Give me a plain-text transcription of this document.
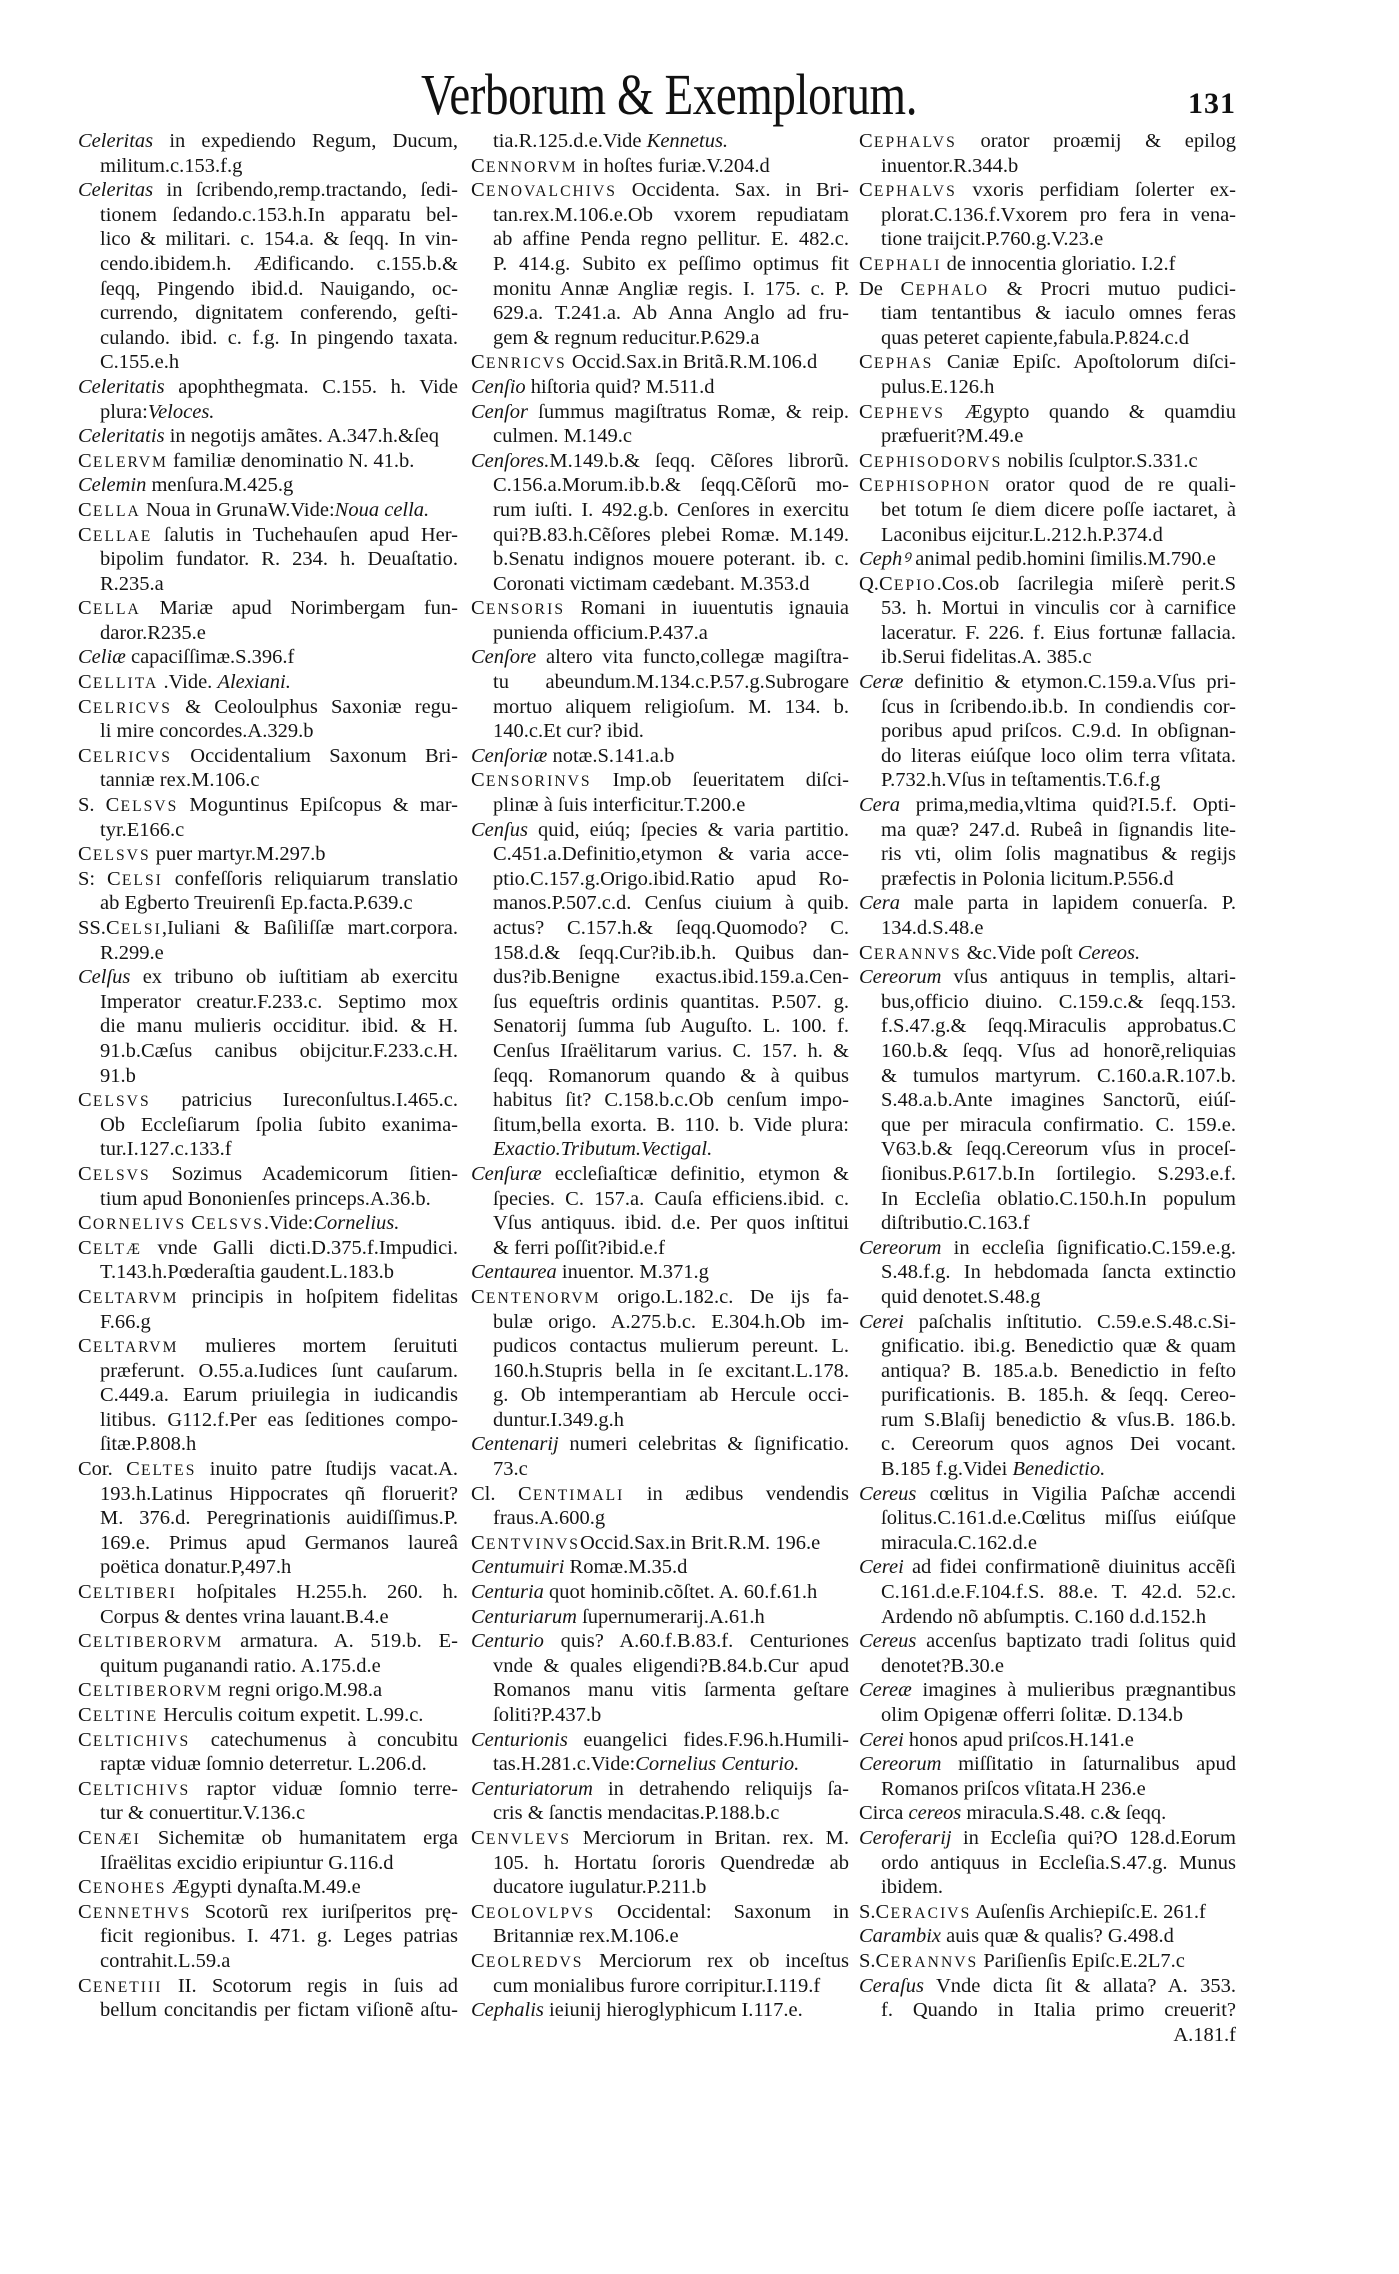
Verborum & Exemplorum.	131
Celeritas in expediendo Regum, Ducum,
militum.c.153.f.g
Celeritas in ſcribendo,remp.tractando, ſedi-
tionem ſedando.c.153.h.In apparatu bel-
lico & militari. c. 154.a. & ſeqq. In vin-
cendo.ibidem.h. Ædificando. c.155.b.&
ſeqq, Pingendo ibid.d. Nauigando, oc-
currendo, dignitatem conferendo, geſti-
culando. ibid. c. f.g. In pingendo taxata.
C.155.e.h
Celeritatis apophthegmata. C.155. h. Vide
plura:Veloces.
Celeritatis in negotijs amãtes. A.347.h.&ſeq
CELERVM familiæ denominatio N. 41.b.
Celemin menſura.M.425.g
CELLA Noua in GrunaW.Vide:Noua cella.
CELLAE ſalutis in Tuchehauſen apud Her-
bipolim fundator. R. 234. h. Deuaſtatio.
R.235.a
CELLA Mariæ apud Norimbergam fun-
daror.R235.e
Celiæ capaciſſimæ.S.396.f
CELLITA .Vide. Alexiani.
CELRICVS & Ceoloulphus Saxoniæ regu-
li mire concordes.A.329.b
CELRICVS Occidentalium Saxonum Bri-
tanniæ rex.M.106.c
S. CELSVS Moguntinus Epiſcopus & mar-
tyr.E166.c
CELSVS puer martyr.M.297.b
S: CELSI confeſſoris reliquiarum translatio
ab Egberto Treuirenſi Ep.facta.P.639.c
SS.CELSI,Iuliani & Baſiliſſæ mart.corpora.
R.299.e
Celſus ex tribuno ob iuſtitiam ab exercitu
Imperator creatur.F.233.c. Septimo mox
die manu mulieris occiditur. ibid. & H.
91.b.Cæſus canibus obijcitur.F.233.c.H.
91.b
CELSVS patricius Iureconſultus.I.465.c.
Ob Eccleſiarum ſpolia ſubito exanima-
tur.I.127.c.133.f
CELSVS Sozimus Academicorum ſitien-
tium apud Bononienſes princeps.A.36.b.
CORNELIVS CELSVS.Vide:Cornelius.
CELTÆ vnde Galli dicti.D.375.f.Impudici.
T.143.h.Pœderaſtia gaudent.L.183.b
CELTARVM principis in hoſpitem fidelitas
F.66.g
CELTARVM mulieres mortem ſeruituti
præferunt. O.55.a.Iudices ſunt cauſarum.
C.449.a. Earum priuilegia in iudicandis
litibus. G112.f.Per eas ſeditiones compo-
ſitæ.P.808.h
Cor. CELTES inuito patre ſtudijs vacat.A.
193.h.Latinus Hippocrates qñ floruerit?
M. 376.d. Peregrinationis auidiſſimus.P.
169.e. Primus apud Germanos laureâ
poëtica donatur.P,497.h
CELTIBERI hoſpitales H.255.h. 260. h.
Corpus & dentes vrina lauant.B.4.e
CELTIBERORVM armatura. A. 519.b. E-
quitum puganandi ratio. A.175.d.e
CELTIBERORVM regni origo.M.98.a
CELTINE Herculis coitum expetit. L.99.c.
CELTICHIVS catechumenus à concubitu
raptæ viduæ ſomnio deterretur. L.206.d.
CELTICHIVS raptor viduæ ſomnio terre-
tur & conuertitur.V.136.c
CENÆI Sichemitæ ob humanitatem erga
Iſraëlitas excidio eripiuntur G.116.d
CENOHES Ægypti dynaſta.M.49.e
CENNETHVS Scotorũ rex iuriſperitos prę-
ficit regionibus. I. 471. g. Leges patrias
contrahit.L.59.a
CENETIII II. Scotorum regis in ſuis ad
bellum concitandis per fictam viſionẽ aſtu-
tia.R.125.d.e.Vide Kennetus.
CENNORVM in hoſtes furiæ.V.204.d
CENOVALCHIVS Occidenta. Sax. in Bri-
tan.rex.M.106.e.Ob vxorem repudiatam
ab affine Penda regno pellitur. E. 482.c.
P. 414.g. Subito ex peſſimo optimus fit
monitu Annæ Angliæ regis. I. 175. c. P.
629.a. T.241.a. Ab Anna Anglo ad fru-
gem & regnum reducitur.P.629.a
CENRICVS Occid.Sax.in Britã.R.M.106.d
Cenſio hiſtoria quid? M.511.d
Cenſor ſummus magiſtratus Romæ, & reip.
culmen. M.149.c
Cenſores.M.149.b.& ſeqq. Cẽſores librorũ.
C.156.a.Morum.ib.b.& ſeqq.Cẽſorũ mo-
rum iuſti. I. 492.g.b. Cenſores in exercitu
qui?B.83.h.Cẽſores plebei Romæ. M.149.
b.Senatu indignos mouere poterant. ib. c.
Coronati victimam cædebant. M.353.d
CENSORIS Romani in iuuentutis ignauia
punienda officium.P.437.a
Cenſore altero vita functo,collegæ magiſtra-
tu abeundum.M.134.c.P.57.g.Subrogare
mortuo aliquem religioſum. M. 134. b.
140.c.Et cur? ibid.
Cenſoriæ notæ.S.141.a.b
CENSORINVS Imp.ob ſeueritatem diſci-
plinæ à ſuis interficitur.T.200.e
Cenſus quid, eiúq; ſpecies & varia partitio.
C.451.a.Definitio,etymon & varia acce-
ptio.C.157.g.Origo.ibid.Ratio apud Ro-
manos.P.507.c.d. Cenſus ciuium à quib.
actus? C.157.h.& ſeqq.Quomodo? C.
158.d.& ſeqq.Cur?ib.ib.h. Quibus dan-
dus?ib.Benigne exactus.ibid.159.a.Cen-
ſus equeſtris ordinis quantitas. P.507. g.
Senatorij ſumma ſub Auguſto. L. 100. f.
Cenſus Iſraëlitarum varius. C. 157. h. &
ſeqq. Romanorum quando & à quibus
habitus ſit? C.158.b.c.Ob cenſum impo-
ſitum,bella exorta. B. 110. b. Vide plura:
Exactio.Tributum.Vectigal.
Cenſuræ eccleſiaſticæ definitio, etymon &
ſpecies. C. 157.a. Cauſa efficiens.ibid. c.
Vſus antiquus. ibid. d.e. Per quos inſtitui
& ferri poſſit?ibid.e.f
Centaurea inuentor. M.371.g
CENTENORVM origo.L.182.c. De ijs fa-
bulæ origo. A.275.b.c. E.304.h.Ob im-
pudicos contactus mulierum pereunt. L.
160.h.Stupris bella in ſe excitant.L.178.
g. Ob intemperantiam ab Hercule occi-
duntur.I.349.g.h
Centenarij numeri celebritas & ſignificatio.
73.c
Cl. CENTIMALI in ædibus vendendis
fraus.A.600.g
CENTVINVSOccid.Sax.in Brit.R.M. 196.e
Centumuiri Romæ.M.35.d
Centuria quot hominib.cõſtet. A. 60.f.61.h
Centuriarum ſupernumerarij.A.61.h
Centurio quis? A.60.f.B.83.f. Centuriones
vnde & quales eligendi?B.84.b.Cur apud
Romanos manu vitis ſarmenta geſtare
ſoliti?P.437.b
Centurionis euangelici fides.F.96.h.Humili-
tas.H.281.c.Vide:Cornelius Centurio.
Centuriatorum in detrahendo reliquijs ſa-
cris & ſanctis mendacitas.P.188.b.c
CENVLEVS Merciorum in Britan. rex. M.
105. h. Hortatu ſororis Quendredæ ab
ducatore iugulatur.P.211.b
CEOLOVLPVS Occidental: Saxonum in
Britanniæ rex.M.106.e
CEOLREDVS Merciorum rex ob inceſtus
cum monialibus furore corripitur.I.119.f
Cephalis ieiunij hieroglyphicum I.117.e.
CEPHALVS orator proæmij & epilog
inuentor.R.344.b
CEPHALVS vxoris perfidiam ſolerter ex-
plorat.C.136.f.Vxorem pro fera in vena-
tione traijcit.P.760.g.V.23.e
CEPHALI de innocentia gloriatio. I.2.f
De CEPHALO & Procri mutuo pudici-
tiam tentantibus & iaculo omnes feras
quas peteret capiente,fabula.P.824.c.d
CEPHAS Caniæ Epiſc. Apoſtolorum diſci-
pulus.E.126.h
CEPHEVS Ægypto quando & quamdiu
præfuerit?M.49.e
CEPHISODORVS nobilis ſculptor.S.331.c
CEPHISOPHON orator quod de re quali-
bet totum ſe diem dicere poſſe iactaret, à
Laconibus eijcitur.L.212.h.P.374.d
Cephꝰ animal pedib.homini ſimilis.M.790.e
Q.CEPIO.Cos.ob ſacrilegia miſerè perit.S
53. h. Mortui in vinculis cor à carnifice
laceratur. F. 226. f. Eius fortunæ fallacia.
ib.Serui fidelitas.A. 385.c
Ceræ definitio & etymon.C.159.a.Vſus pri-
ſcus in ſcribendo.ib.b. In condiendis cor-
poribus apud priſcos. C.9.d. In obſignan-
do literas eiúſque loco olim terra vſitata.
P.732.h.Vſus in teſtamentis.T.6.f.g
Cera prima,media,vltima quid?I.5.f. Opti-
ma quæ? 247.d. Rubeâ in ſignandis lite-
ris vti, olim ſolis magnatibus & regijs
præfectis in Polonia licitum.P.556.d
Cera male parta in lapidem conuerſa. P.
134.d.S.48.e
CERANNVS &c.Vide poſt Cereos.
Cereorum vſus antiquus in templis, altari-
bus,officio diuino. C.159.c.& ſeqq.153.
f.S.47.g.& ſeqq.Miraculis approbatus.C
160.b.& ſeqq. Vſus ad honorẽ,reliquias
& tumulos martyrum. C.160.a.R.107.b.
S.48.a.b.Ante imagines Sanctorũ, eiúſ-
que per miracula confirmatio. C. 159.e.
V63.b.& ſeqq.Cereorum vſus in proceſ-
ſionibus.P.617.b.In ſortilegio. S.293.e.f.
In Eccleſia oblatio.C.150.h.In populum
diſtributio.C.163.f
Cereorum in eccleſia ſignificatio.C.159.e.g.
S.48.f.g. In hebdomada ſancta extinctio
quid denotet.S.48.g
Cerei paſchalis inſtitutio. C.59.e.S.48.c.Si-
gnificatio. ibi.g. Benedictio quæ & quam
antiqua? B. 185.a.b. Benedictio in feſto
purificationis. B. 185.h. & ſeqq. Cereo-
rum S.Blaſij benedictio & vſus.B. 186.b.
c. Cereorum quos agnos Dei vocant.
B.185 f.g.Videi Benedictio.
Cereus cœlitus in Vigilia Paſchæ accendi
ſolitus.C.161.d.e.Cœlitus miſſus eiúſque
miracula.C.162.d.e
Cerei ad fidei confirmationẽ diuinitus accẽſi
C.161.d.e.F.104.f.S. 88.e. T. 42.d. 52.c.
Ardendo nõ abſumptis. C.160 d.d.152.h
Cereus accenſus baptizato tradi ſolitus quid
denotet?B.30.e
Cereæ imagines à mulieribus prægnantibus
olim Opigenæ offerri ſolitæ. D.134.b
Cerei honos apud priſcos.H.141.e
Cereorum miſſitatio in ſaturnalibus apud
Romanos priſcos vſitata.H 236.e
Circa cereos miracula.S.48. c.& ſeqq.
Ceroferarij in Eccleſia qui?O 128.d.Eorum
ordo antiquus in Eccleſia.S.47.g. Munus
ibidem.
S.CERACIVS Auſenſis Archiepiſc.E. 261.f
Carambix auis quæ & qualis? G.498.d
S.CERANNVS Pariſienſis Epiſc.E.2L7.c
Ceraſus Vnde dicta ſit & allata? A. 353.
f. Quando in Italia primo creuerit?
A.181.f
